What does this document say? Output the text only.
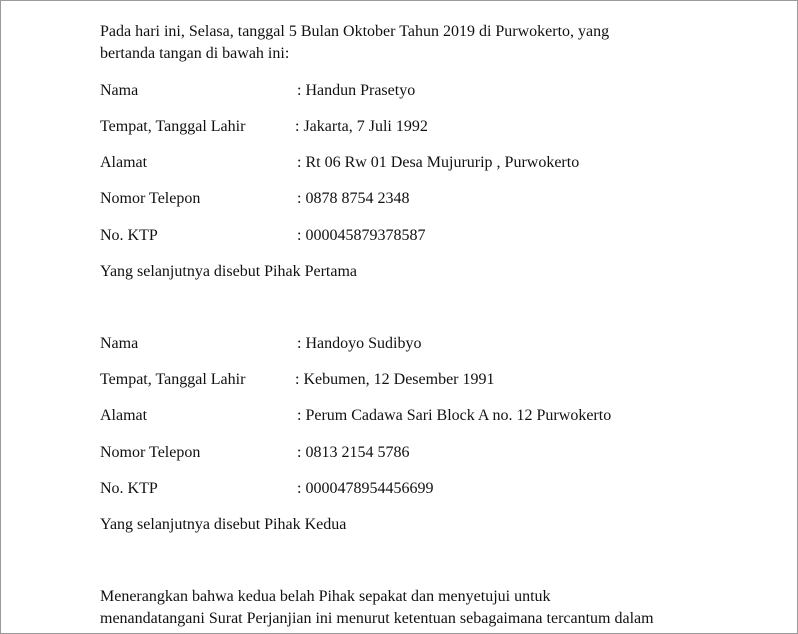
Pada hari ini, Selasa, tanggal 5 Bulan Oktober Tahun 2019 di Purwokerto, yang
bertanda tangan di bawah ini:
Nama	: Handun Prasetyo
Tempat, Tanggal Lahir	: Jakarta, 7 Juli 1992
Alamat	: Rt 06 Rw 01 Desa Mujururip , Purwokerto
Nomor Telepon	: 0878 8754 2348
No. KTP	: 000045879378587
Yang selanjutnya disebut Pihak Pertama
Nama	: Handoyo Sudibyo
Tempat, Tanggal Lahir	: Kebumen, 12 Desember 1991
Alamat	: Perum Cadawa Sari Block A no. 12 Purwokerto
Nomor Telepon	: 0813 2154 5786
No. KTP	: 0000478954456699
Yang selanjutnya disebut Pihak Kedua
Menerangkan bahwa kedua belah Pihak sepakat dan menyetujui untuk
menandatangani Surat Perjanjian ini menurut ketentuan sebagaimana tercantum dalam
